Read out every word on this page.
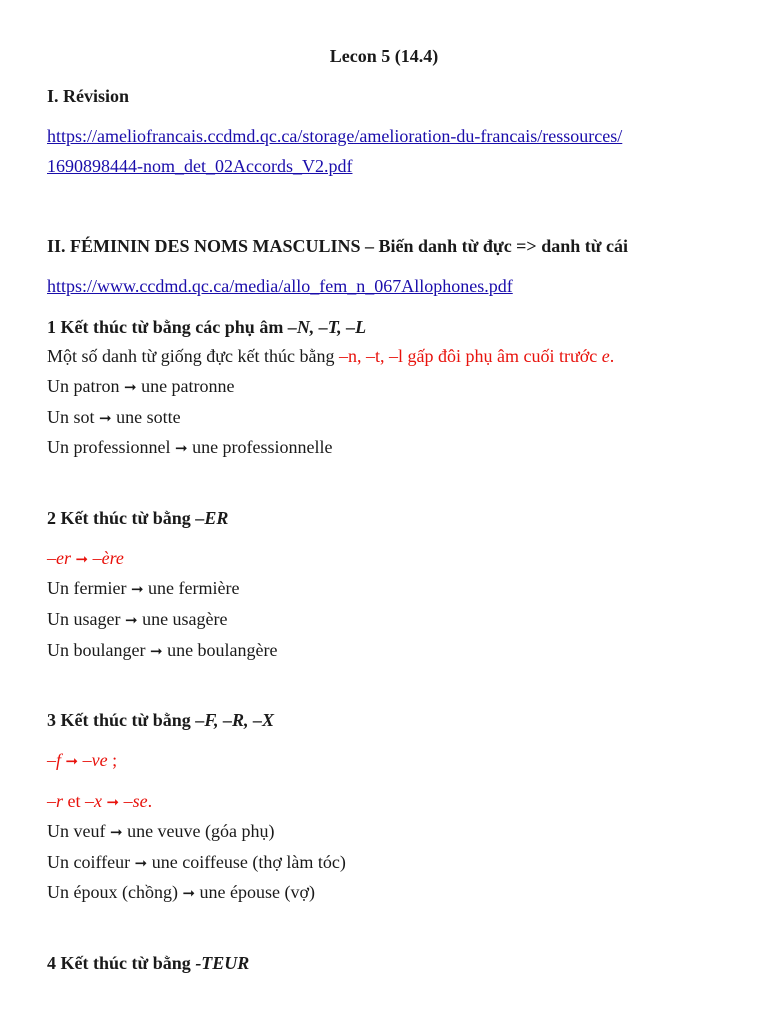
Lecon 5 (14.4)
I. Révision
https://ameliofrancais.ccdmd.qc.ca/storage/amelioration-du-francais/ressources/
1690898444-nom_det_02Accords_V2.pdf
II. FÉMININ DES NOMS MASCULINS – Biến danh từ đực => danh từ cái
https://www.ccdmd.qc.ca/media/allo_fem_n_067Allophones.pdf
1 Kết thúc từ bằng các phụ âm –N, –T, –L
Một số danh từ giống đực kết thúc bằng –n, –t, –l gấp đôi phụ âm cuối trước e.
Un patron ➞ une patronne
Un sot ➞ une sotte
Un professionnel ➞ une professionnelle
2 Kết thúc từ bằng –ER
–er ➞ –ère
Un fermier ➞ une fermière
Un usager ➞ une usagère
Un boulanger ➞ une boulangère
3 Kết thúc từ bằng –F, –R, –X
–f ➞ –ve ;
–r et –x ➞ –se.
Un veuf ➞ une veuve (góa phụ)
Un coiffeur ➞ une coiffeuse (thợ làm tóc)
Un époux (chồng) ➞ une épouse (vợ)
4 Kết thúc từ bằng -TEUR
